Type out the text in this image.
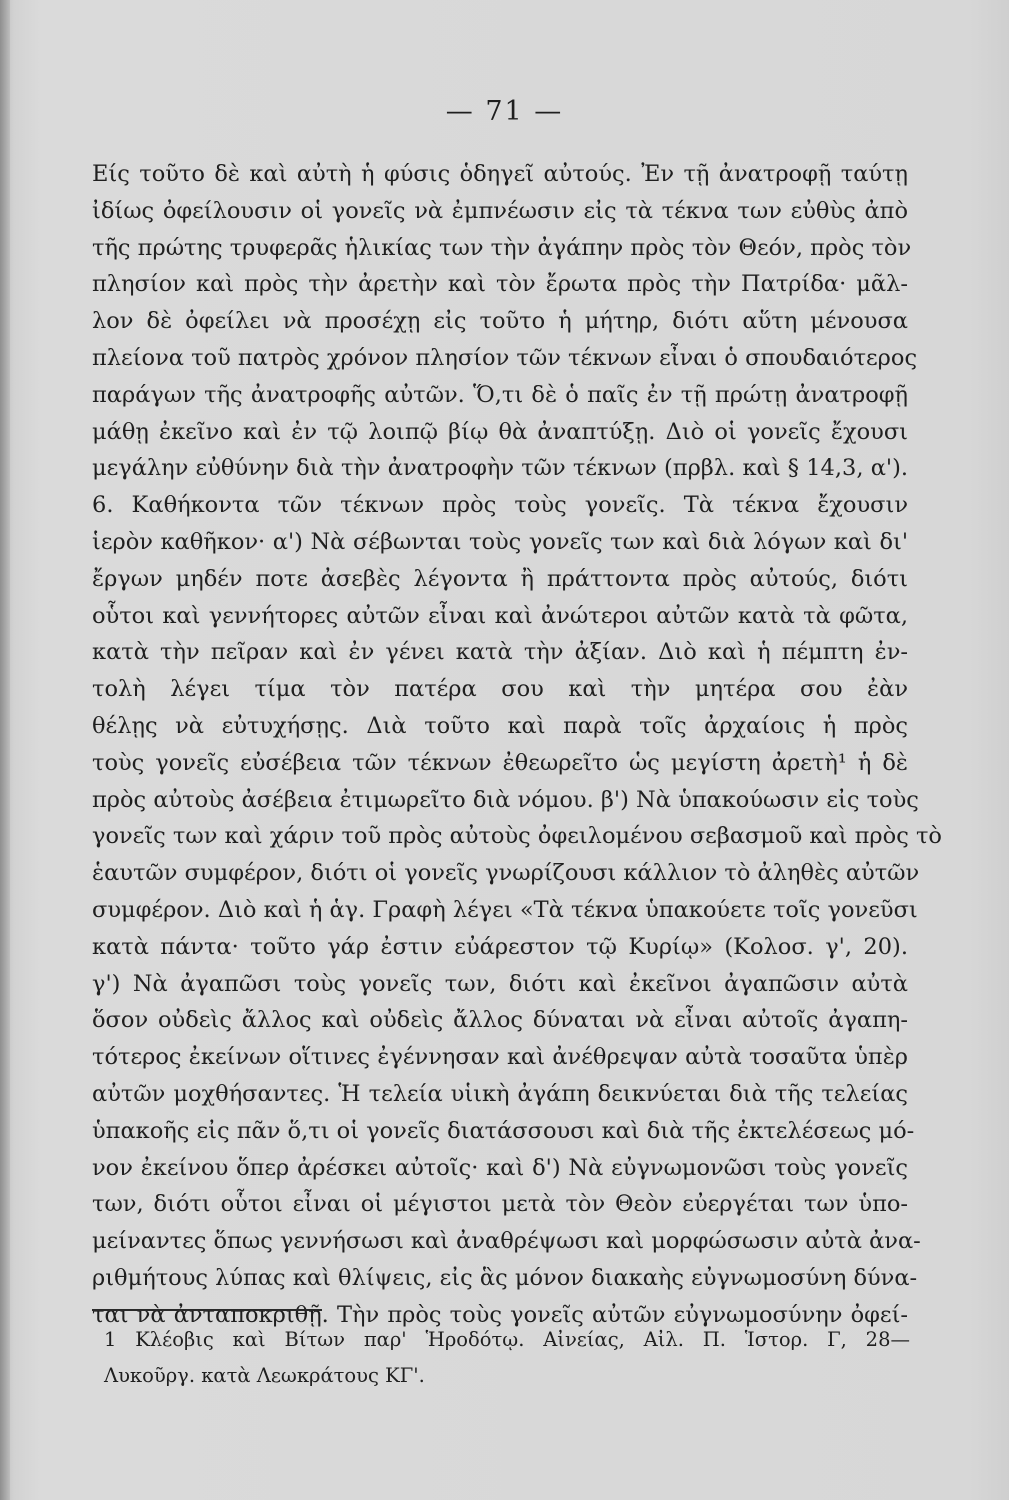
— 71 —
Είς τοῦτο δὲ καὶ αὐτὴ ἡ φύσις ὁδηγεῖ αὐτούς. Ἐν τῇ ἀνατροφῇ ταύτῃ
ἰδίως ὀφείλουσιν οἱ γονεῖς νὰ ἐμπνέωσιν εἰς τὰ τέκνα των εὐθὺς ἀπὸ
τῆς πρώτης τρυφερᾶς ἡλικίας των τὴν ἀγάπην πρὸς τὸν Θεόν, πρὸς τὸν
πλησίον καὶ πρὸς τὴν ἀρετὴν καὶ τὸν ἔρωτα πρὸς τὴν Πατρίδα· μᾶλ-
λον δὲ ὀφείλει νὰ προσέχῃ εἰς τοῦτο ἡ μήτηρ, διότι αὕτη μένουσα
πλείονα τοῦ πατρὸς χρόνον πλησίον τῶν τέκνων εἶναι ὁ σπουδαιότερος
παράγων τῆς ἀνατροφῆς αὐτῶν. Ὅ,τι δὲ ὁ παῖς ἐν τῇ πρώτῃ ἀνατροφῇ
μάθῃ ἐκεῖνο καὶ ἐν τῷ λοιπῷ βίῳ θὰ ἀναπτύξῃ. Διὸ οἱ γονεῖς ἔχουσι
μεγάλην εὐθύνην διὰ τὴν ἀνατροφὴν τῶν τέκνων (πρβλ. καὶ § 14,3, α').
6. Καθήκοντα τῶν τέκνων πρὸς τοὺς γονεῖς. Τὰ τέκνα ἔχουσιν
ἱερὸν καθῆκον· α') Νὰ σέβωνται τοὺς γονεῖς των καὶ διὰ λόγων καὶ δι'
ἔργων μηδέν ποτε ἀσεβὲς λέγοντα ἢ πράττοντα πρὸς αὐτούς, διότι
οὗτοι καὶ γεννήτορες αὐτῶν εἶναι καὶ ἀνώτεροι αὐτῶν κατὰ τὰ φῶτα,
κατὰ τὴν πεῖραν καὶ ἐν γένει κατὰ τὴν ἀξίαν. Διὸ καὶ ἡ πέμπτη ἐν-
τολὴ λέγει τίμα τὸν πατέρα σου καὶ τὴν μητέρα σου ἐὰν
θέλῃς νὰ εὐτυχήσῃς. Διὰ τοῦτο καὶ παρὰ τοῖς ἀρχαίοις ἡ πρὸς
τοὺς γονεῖς εὐσέβεια τῶν τέκνων ἐθεωρεῖτο ὡς μεγίστη ἀρετὴ¹ ἡ δὲ
πρὸς αὐτοὺς ἀσέβεια ἐτιμωρεῖτο διὰ νόμου. β') Νὰ ὑπακούωσιν εἰς τοὺς
γονεῖς των καὶ χάριν τοῦ πρὸς αὐτοὺς ὀφειλομένου σεβασμοῦ καὶ πρὸς τὸ
ἑαυτῶν συμφέρον, διότι οἱ γονεῖς γνωρίζουσι κάλλιον τὸ ἀληθὲς αὐτῶν
συμφέρον. Διὸ καὶ ἡ ἁγ. Γραφὴ λέγει «Τὰ τέκνα ὑπακούετε τοῖς γονεῦσι
κατὰ πάντα· τοῦτο γάρ ἐστιν εὐάρεστον τῷ Κυρίῳ» (Κολοσ. γ', 20).
γ') Νὰ ἀγαπῶσι τοὺς γονεῖς των, διότι καὶ ἐκεῖνοι ἀγαπῶσιν αὐτὰ
ὅσον οὐδεὶς ἄλλος καὶ οὐδεὶς ἄλλος δύναται νὰ εἶναι αὐτοῖς ἀγαπη-
τότερος ἐκείνων οἵτινες ἐγέννησαν καὶ ἀνέθρεψαν αὐτὰ τοσαῦτα ὑπὲρ
αὐτῶν μοχθήσαντες. Ἡ τελεία υἱικὴ ἀγάπη δεικνύεται διὰ τῆς τελείας
ὑπακοῆς εἰς πᾶν ὅ,τι οἱ γονεῖς διατάσσουσι καὶ διὰ τῆς ἐκτελέσεως μό-
νον ἐκείνου ὅπερ ἀρέσκει αὐτοῖς· καὶ δ') Νὰ εὐγνωμονῶσι τοὺς γονεῖς
των, διότι οὗτοι εἶναι οἱ μέγιστοι μετὰ τὸν Θεὸν εὐεργέται των ὑπο-
μείναντες ὅπως γεννήσωσι καὶ ἀναθρέψωσι καὶ μορφώσωσιν αὐτὰ ἀνα-
ριθμήτους λύπας καὶ θλίψεις, εἰς ἃς μόνον διακαὴς εὐγνωμοσύνη δύνα-
ται νὰ ἀνταποκριθῇ. Τὴν πρὸς τοὺς γονεῖς αὐτῶν εὐγνωμοσύνην ὀφεί-
1 Κλέοβις καὶ Βίτων παρ' Ἡροδότῳ. Αἰνείας, Αἰλ. Π. Ἱστορ. Γ, 28—
Λυκοῦργ. κατὰ Λεωκράτους ΚΓ'.
